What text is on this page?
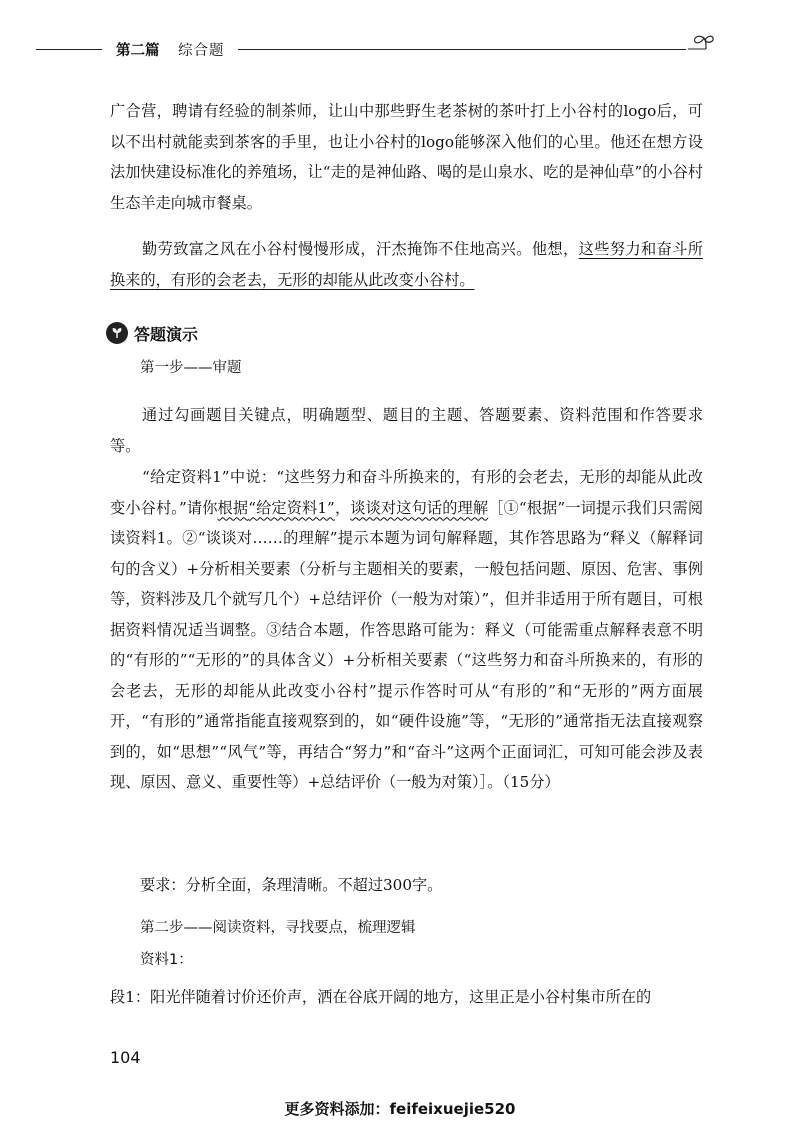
第二篇 综合题
广合营，聘请有经验的制茶师，让山中那些野生老茶树的茶叶打上小谷村的logo后，可以不出村就能卖到茶客的手里，也让小谷村的logo能够深入他们的心里。他还在想方设法加快建设标准化的养殖场，让“走的是神仙路、喝的是山泉水、吃的是神仙草”的小谷村生态羊走向城市餐桌。
勤劳致富之风在小谷村慢慢形成，汗杰掩饰不住地高兴。他想，这些努力和奋斗所换来的，有形的会老去，无形的却能从此改变小谷村。
答题演示
第一步——审题
通过勾画题目关键点，明确题型、题目的主题、答题要素、资料范围和作答要求等。
“给定资料1”中说：“这些努力和奋斗所换来的，有形的会老去，无形的却能从此改变小谷村。”请你根据“给定资料1”，谈谈对这句话的理解［①“根据”一词提示我们只需阅读资料1。②“谈谈对……的理解”提示本题为词句解释题，其作答思路为“释义（解释词句的含义）+分析相关要素（分析与主题相关的要素，一般包括问题、原因、危害、事例等，资料涉及几个就写几个）+总结评价（一般为对策）”，但并非适用于所有题目，可根据资料情况适当调整。③结合本题，作答思路可能为：释义（可能需重点解释表意不明的“有形的”“无形的”的具体含义）+分析相关要素（“这些努力和奋斗所换来的，有形的会老去，无形的却能从此改变小谷村”提示作答时可从“有形的”和“无形的”两方面展开，“有形的”通常指能直接观察到的，如“硬件设施”等，“无形的”通常指无法直接观察到的，如“思想”“风气”等，再结合“努力”和“奋斗”这两个正面词汇，可知可能会涉及表现、原因、意义、重要性等）+总结评价（一般为对策）］。（15分）
要求：分析全面，条理清晰。不超过300字。
第二步——阅读资料，寻找要点，梳理逻辑
资料1：
段1：阳光伴随着讨价还价声，洒在谷底开阔的地方，这里正是小谷村集市所在的
104
更多资料添加：feifeixuejie520
